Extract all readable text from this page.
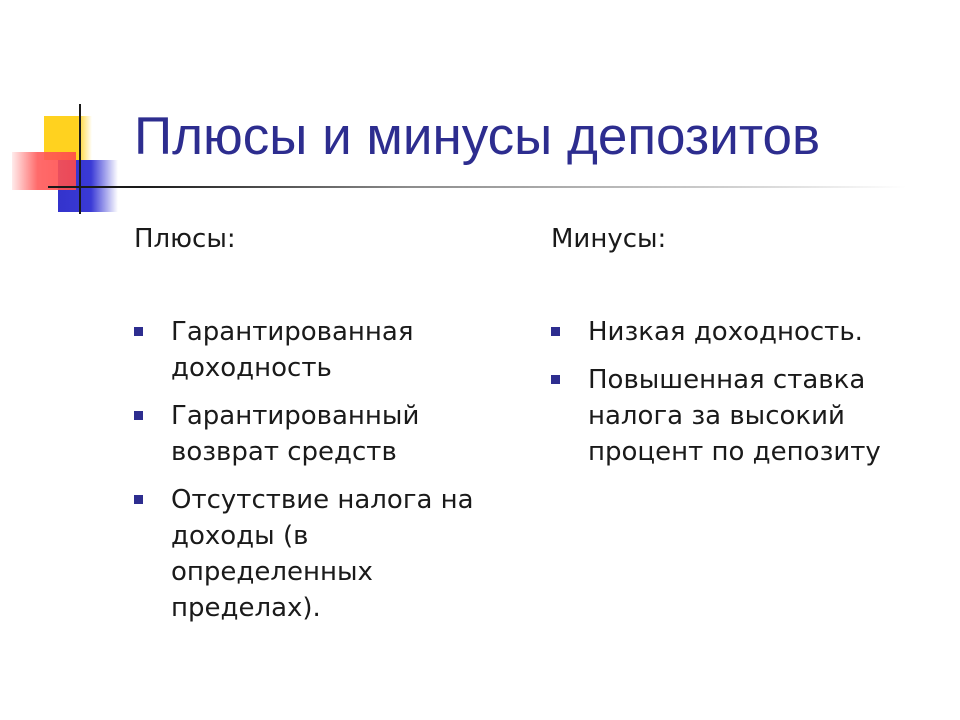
Плюсы и минусы депозитов

Плюсы:

Гарантированная доходность
Гарантированный возврат средств
Отсутствие налога на доходы (в определенных пределах).

Минусы:

Низкая доходность.
Повышенная ставка налога за высокий процент по депозиту
